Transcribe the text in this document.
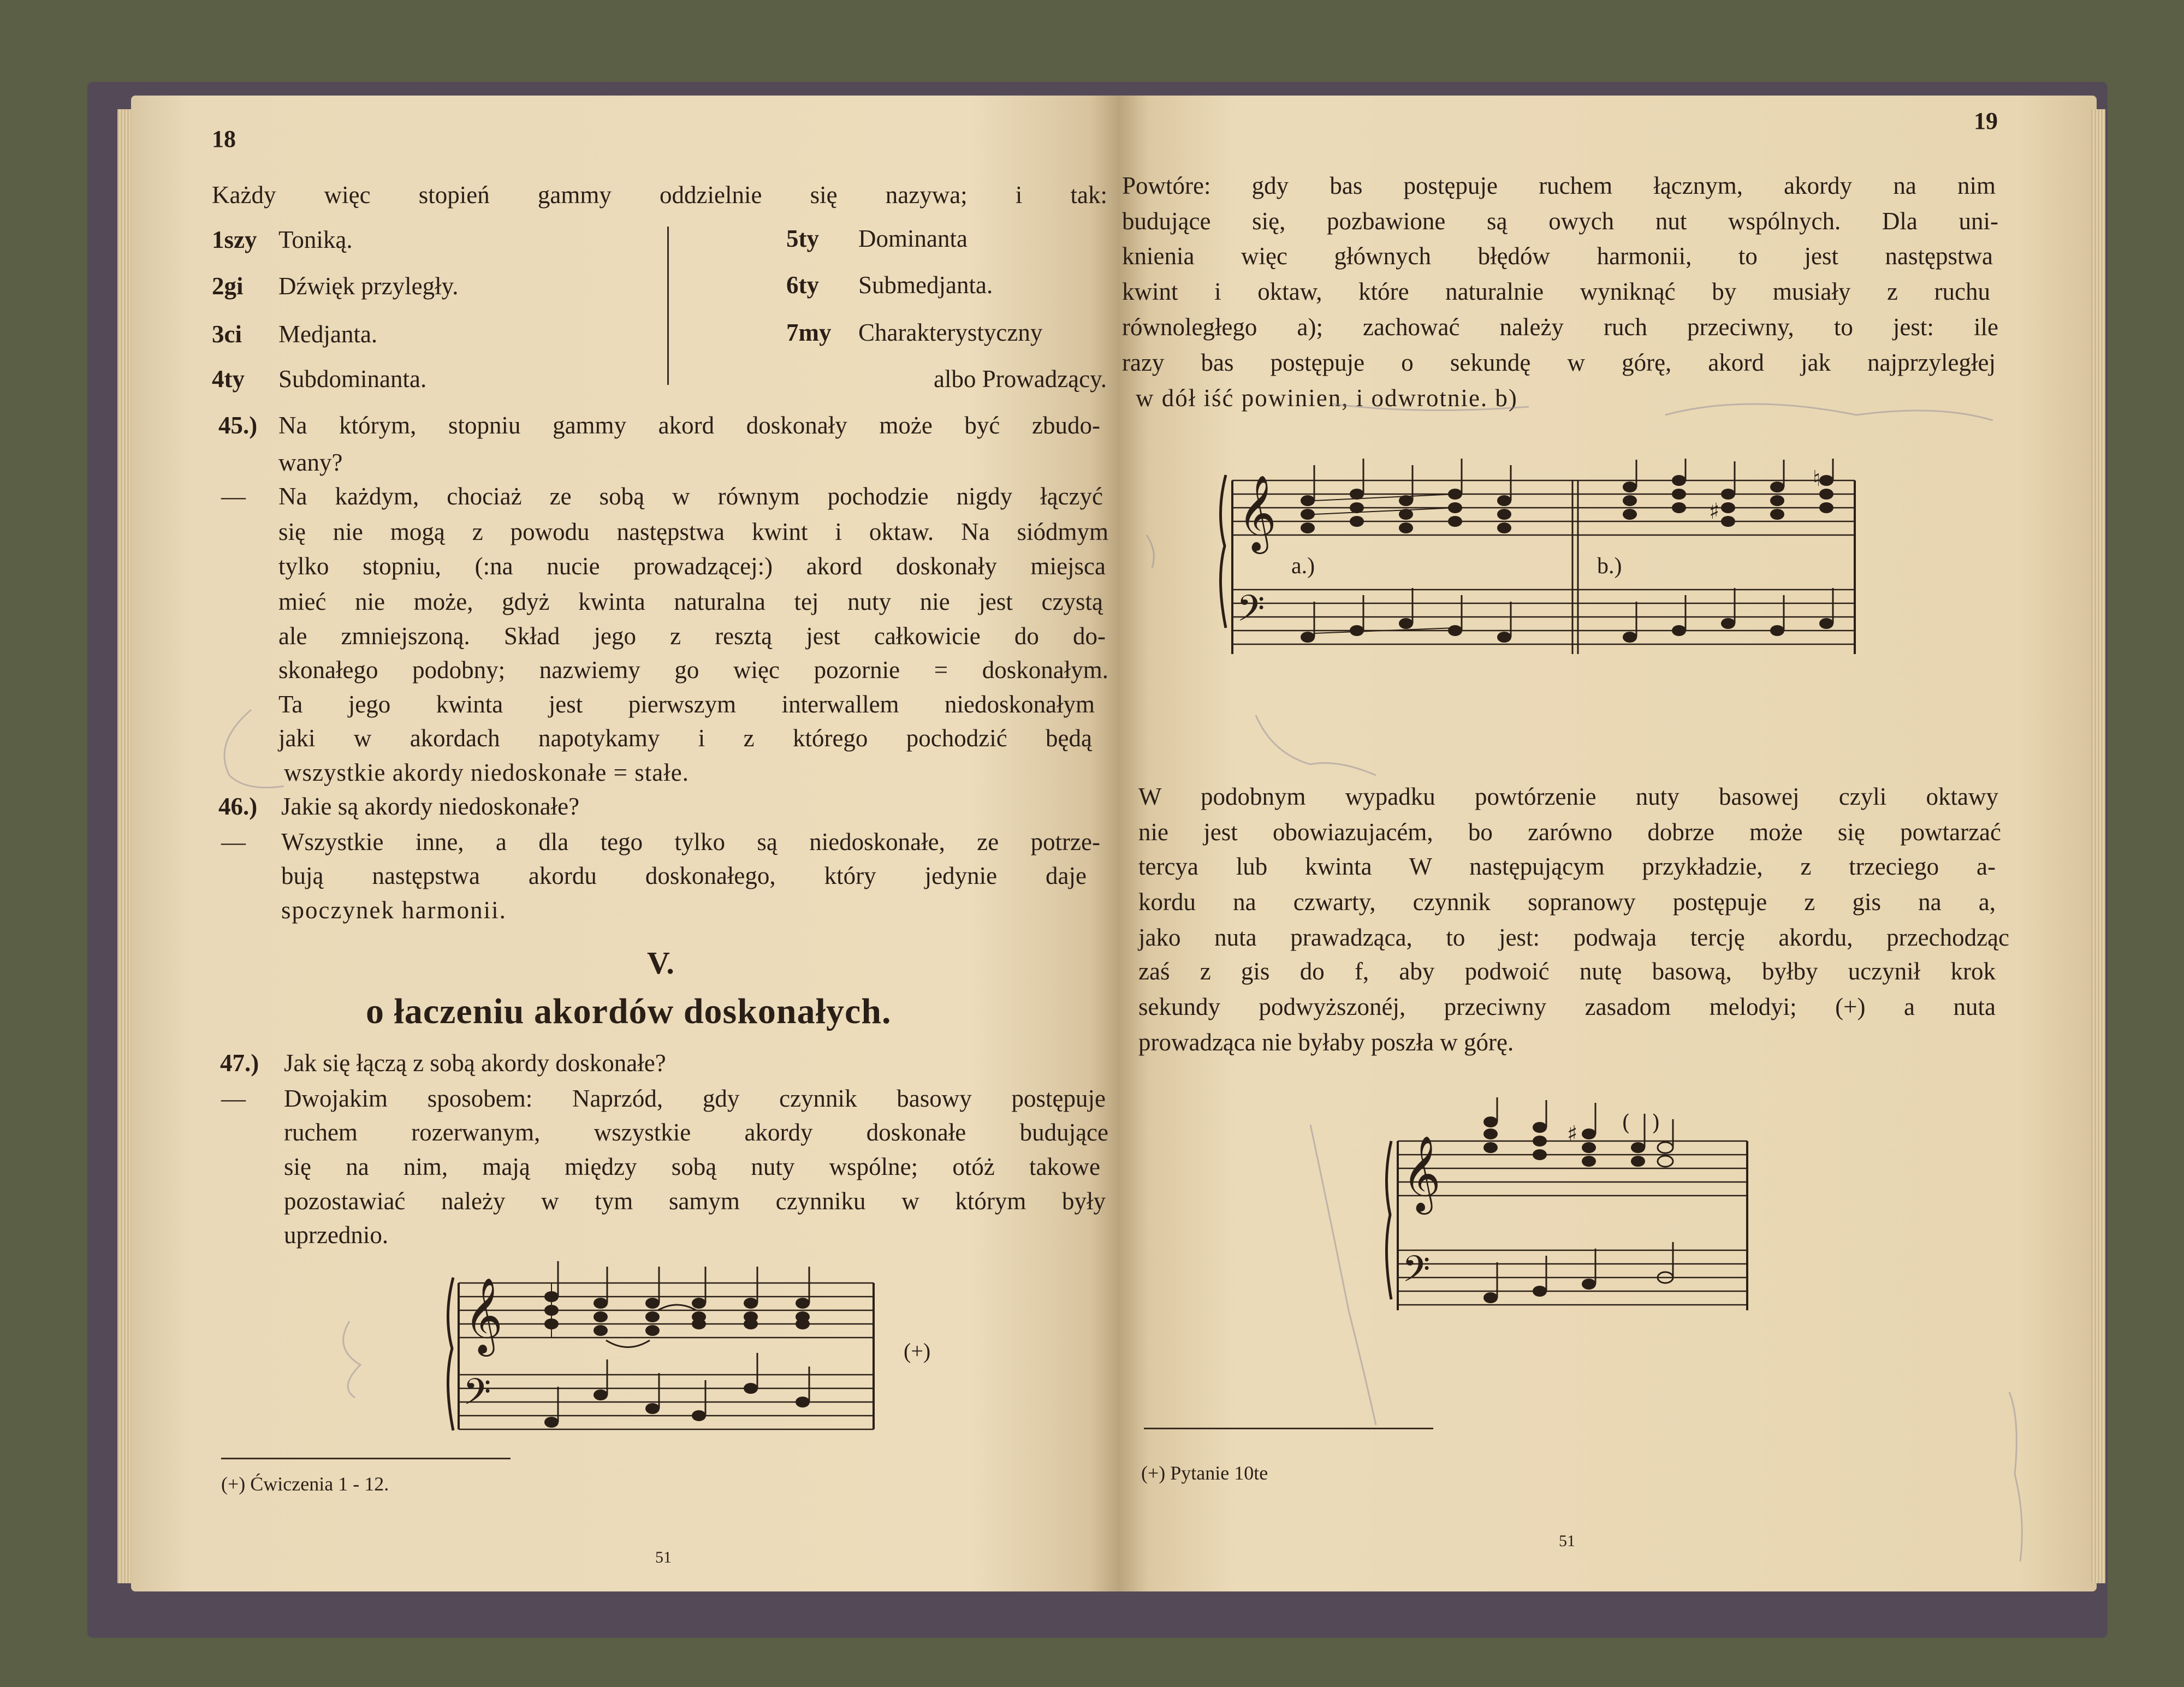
18
Każdy więc stopień gammy oddzielnie się nazywa; i tak:
1szy Toniką.
2gi Dźwięk przyległy.
3ci Medjanta.
4ty Subdominanta.
5ty Dominanta
6ty Submedjanta.
7my Charakterystyczny
albo Prowadzący.
45.) Na którym, stopniu gammy akord doskonały może być zbudo-
wany?
— Na każdym, chociaż ze sobą w równym pochodzie nigdy łączyć
się nie mogą z powodu następstwa kwint i oktaw. Na siódmym
tylko stopniu, (:na nucie prowadzącej:) akord doskonały miejsca
mieć nie może, gdyż kwinta naturalna tej nuty nie jest czystą
ale zmniejszoną. Skład jego z resztą jest całkowicie do do-
skonałego podobny; nazwiemy go więc pozornie = doskonałym.
Ta jego kwinta jest pierwszym interwallem niedoskonałym
jaki w akordach napotykamy i z którego pochodzić będą
wszystkie akordy niedoskonałe = stałe.
46.) Jakie są akordy niedoskonałe?
— Wszystkie inne, a dla tego tylko są niedoskonałe, ze potrze-
bują następstwa akordu doskonałego, który jedynie daje
spoczynek harmonii.
V.
o łaczeniu akordów doskonałych.
47.) Jak się łączą z sobą akordy doskonałe?
— Dwojakim sposobem: Naprzód, gdy czynnik basowy postępuje
ruchem rozerwanym, wszystkie akordy doskonałe budujące
się na nim, mają między sobą nuty wspólne; otóż takowe
pozostawiać należy w tym samym czynniku w którym były
uprzednio.
𝄞
𝄢
(+)
(+) Ćwiczenia 1 - 12.
51
19
Powtóre: gdy bas postępuje ruchem łącznym, akordy na nim
budujące się, pozbawione są owych nut wspólnych. Dla uni-
knienia więc głównych błędów harmonii, to jest następstwa
kwint i oktaw, które naturalnie wyniknąć by musiały z ruchu
równoległego a); zachować należy ruch przeciwny, to jest: ile
razy bas postępuje o sekundę w górę, akord jak najprzyległej
w dół iść powinien, i odwrotnie. b)
𝄞
𝄢
a.)	b.)
♯
♮
W podobnym wypadku powtórzenie nuty basowej czyli oktawy
nie jest obowiazujacém, bo zarówno dobrze może się powtarzać
tercya lub kwinta W następującym przykładzie, z trzeciego a-
kordu na czwarty, czynnik sopranowy postępuje z gis na a,
jako nuta prawadząca, to jest: podwaja tercję akordu, przechodząc
zaś z gis do f, aby podwoić nutę basową, byłby uczynił krok
sekundy podwyższonéj, przeciwny zasadom melodyi; (+) a nuta
prowadząca nie byłaby poszła w górę.
𝄞
𝄢
♯ ( )
(+) Pytanie 10te
51
